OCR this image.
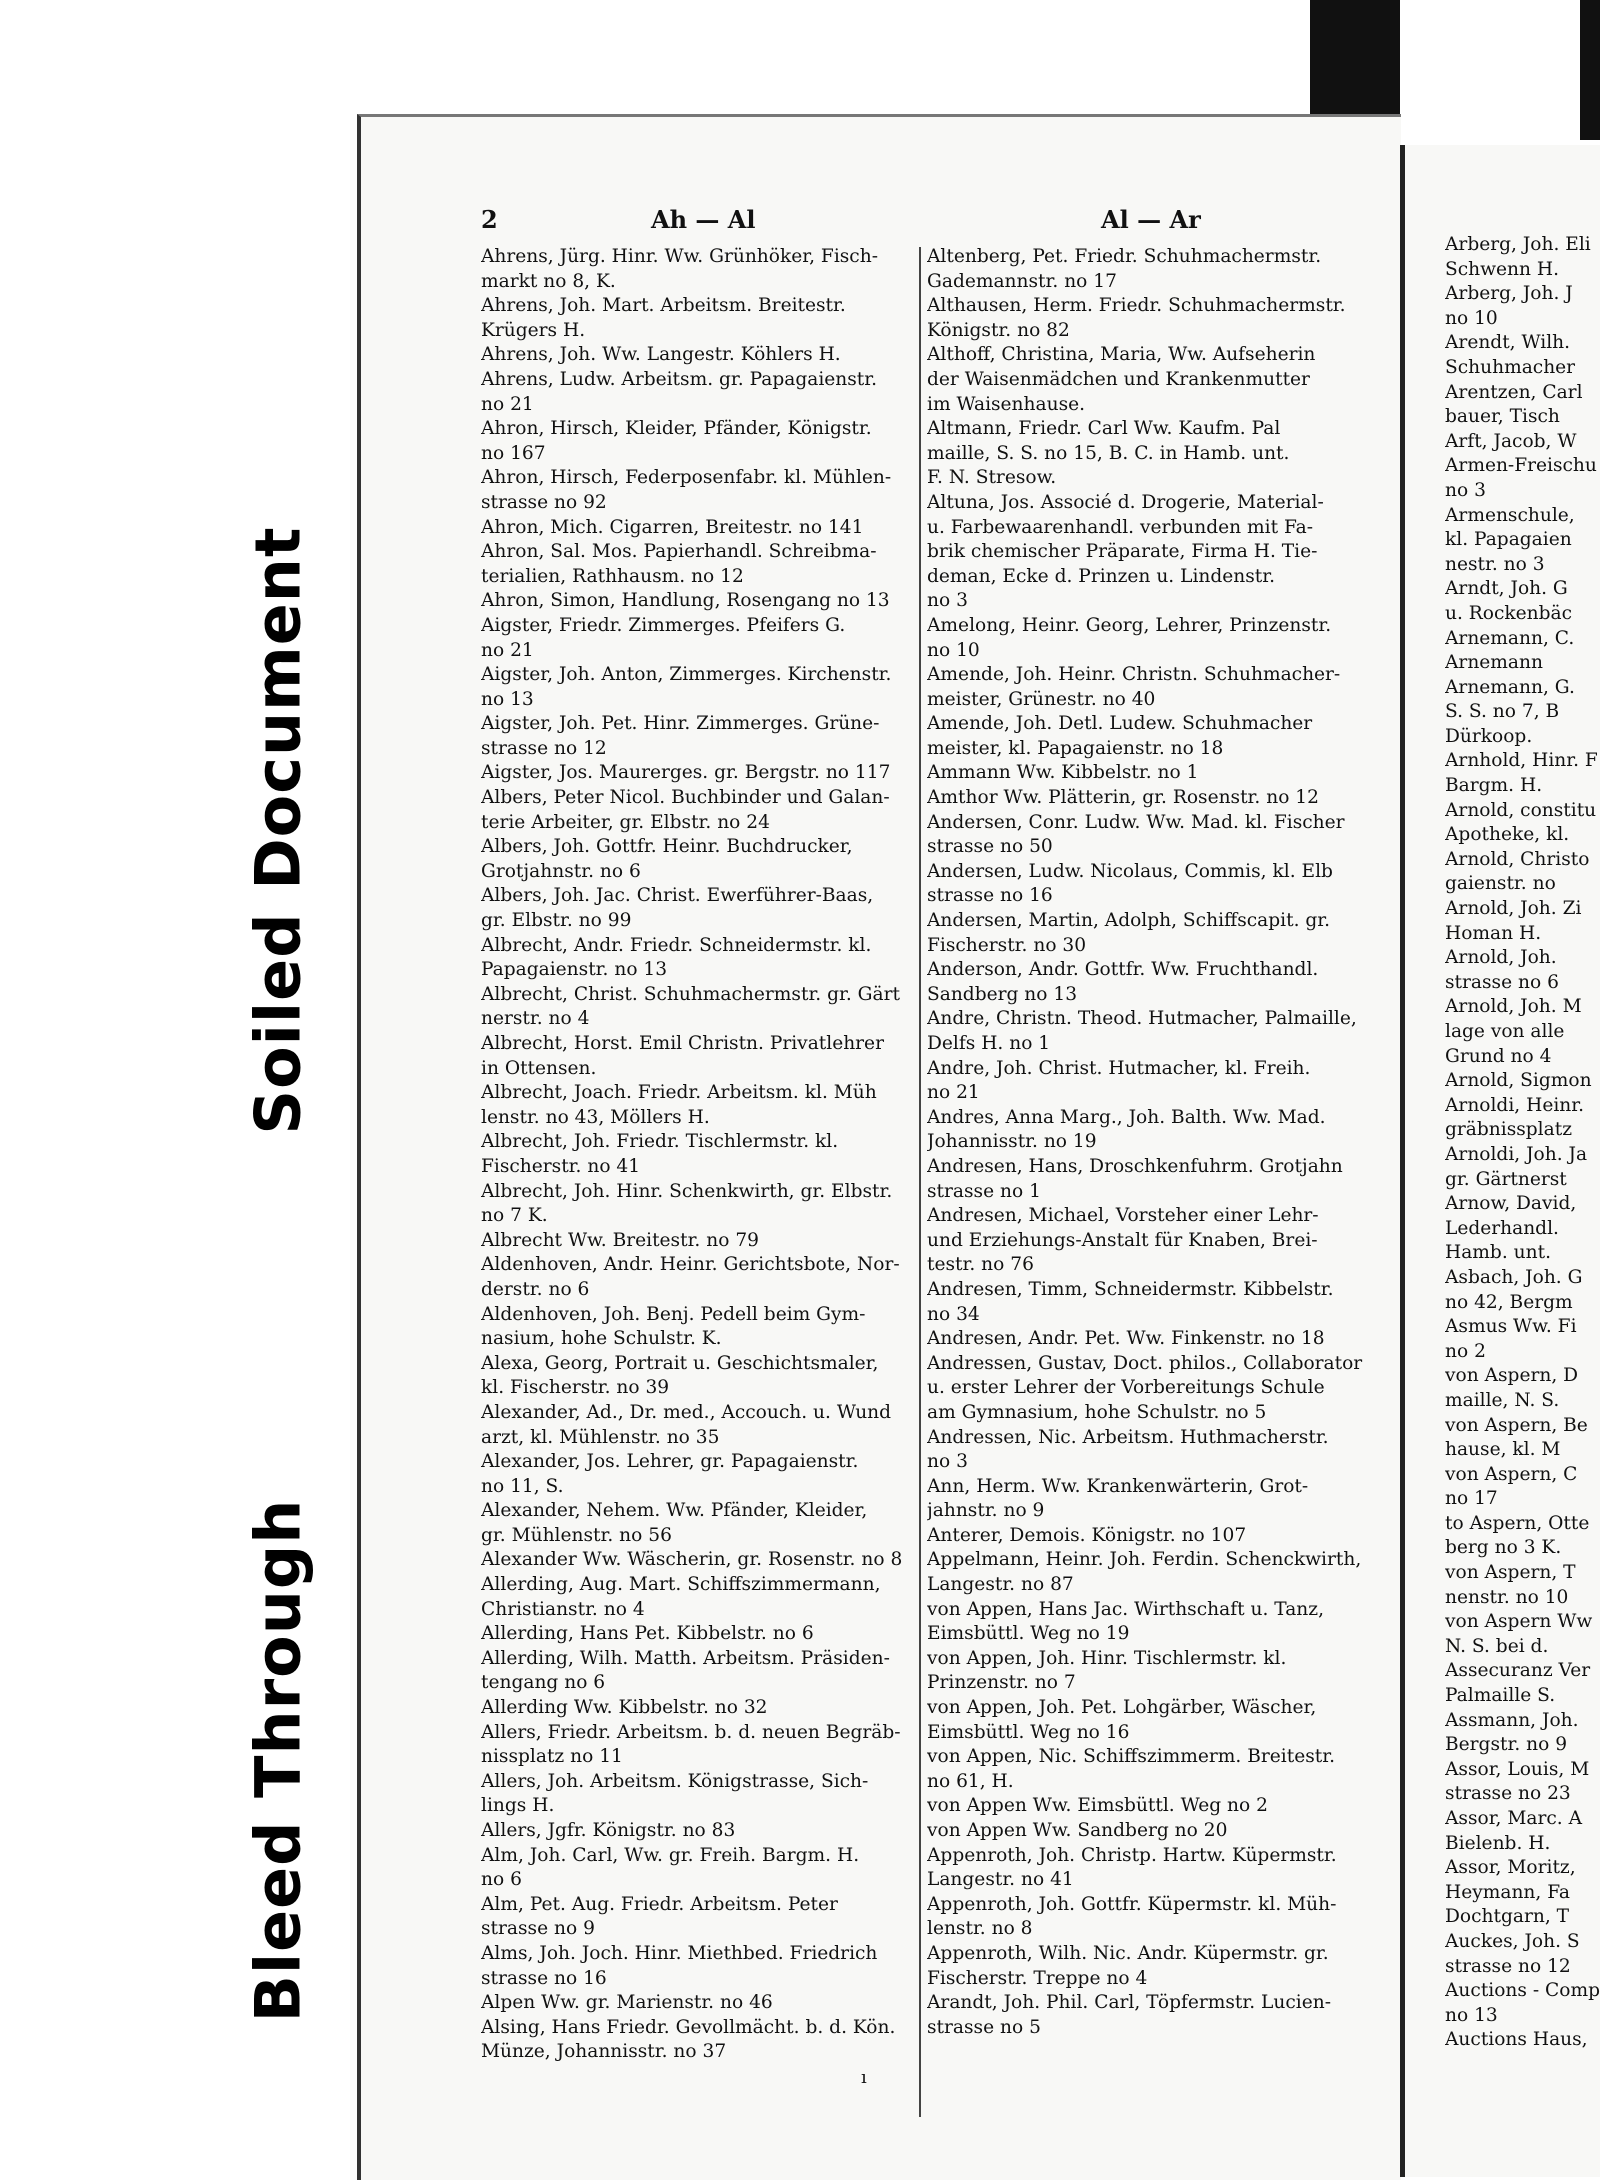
Soiled Document
Bleed Through
2	Ah — Al	Al — Ar
Ahrens, Jürg. Hinr. Ww. Grünhöker, Fisch-
markt no 8, K.
Ahrens, Joh. Mart. Arbeitsm. Breitestr.
Krügers H.
Ahrens, Joh. Ww. Langestr. Köhlers H.
Ahrens, Ludw. Arbeitsm. gr. Papagaienstr.
no 21
Ahron, Hirsch, Kleider, Pfänder, Königstr.
no 167
Ahron, Hirsch, Federposenfabr. kl. Mühlen-
strasse no 92
Ahron, Mich. Cigarren, Breitestr. no 141
Ahron, Sal. Mos. Papierhandl. Schreibma-
terialien, Rathhausm. no 12
Ahron, Simon, Handlung, Rosengang no 13
Aigster, Friedr. Zimmerges. Pfeifers G.
no 21
Aigster, Joh. Anton, Zimmerges. Kirchenstr.
no 13
Aigster, Joh. Pet. Hinr. Zimmerges. Grüne-
strasse no 12
Aigster, Jos. Maurerges. gr. Bergstr. no 117
Albers, Peter Nicol. Buchbinder und Galan-
terie Arbeiter, gr. Elbstr. no 24
Albers, Joh. Gottfr. Heinr. Buchdrucker,
Grotjahnstr. no 6
Albers, Joh. Jac. Christ. Ewerführer-Baas,
gr. Elbstr. no 99
Albrecht, Andr. Friedr. Schneidermstr. kl.
Papagaienstr. no 13
Albrecht, Christ. Schuhmachermstr. gr. Gärt
nerstr. no 4
Albrecht, Horst. Emil Christn. Privatlehrer
in Ottensen.
Albrecht, Joach. Friedr. Arbeitsm. kl. Müh
lenstr. no 43, Möllers H.
Albrecht, Joh. Friedr. Tischlermstr. kl.
Fischerstr. no 41
Albrecht, Joh. Hinr. Schenkwirth, gr. Elbstr.
no 7 K.
Albrecht Ww. Breitestr. no 79
Aldenhoven, Andr. Heinr. Gerichtsbote, Nor-
derstr. no 6
Aldenhoven, Joh. Benj. Pedell beim Gym-
nasium, hohe Schulstr. K.
Alexa, Georg, Portrait u. Geschichtsmaler,
kl. Fischerstr. no 39
Alexander, Ad., Dr. med., Accouch. u. Wund
arzt, kl. Mühlenstr. no 35
Alexander, Jos. Lehrer, gr. Papagaienstr.
no 11, S.
Alexander, Nehem. Ww. Pfänder, Kleider,
gr. Mühlenstr. no 56
Alexander Ww. Wäscherin, gr. Rosenstr. no 8
Allerding, Aug. Mart. Schiffszimmermann,
Christianstr. no 4
Allerding, Hans Pet. Kibbelstr. no 6
Allerding, Wilh. Matth. Arbeitsm. Präsiden-
tengang no 6
Allerding Ww. Kibbelstr. no 32
Allers, Friedr. Arbeitsm. b. d. neuen Begräb-
nissplatz no 11
Allers, Joh. Arbeitsm. Königstrasse, Sich-
lings H.
Allers, Jgfr. Königstr. no 83
Alm, Joh. Carl, Ww. gr. Freih. Bargm. H.
no 6
Alm, Pet. Aug. Friedr. Arbeitsm. Peter
strasse no 9
Alms, Joh. Joch. Hinr. Miethbed. Friedrich
strasse no 16
Alpen Ww. gr. Marienstr. no 46
Alsing, Hans Friedr. Gevollmächt. b. d. Kön.
Münze, Johannisstr. no 37
Altenberg, Pet. Friedr. Schuhmachermstr.
Gademannstr. no 17
Althausen, Herm. Friedr. Schuhmachermstr.
Königstr. no 82
Althoff, Christina, Maria, Ww. Aufseherin
der Waisenmädchen und Krankenmutter
im Waisenhause.
Altmann, Friedr. Carl Ww. Kaufm. Pal
maille, S. S. no 15, B. C. in Hamb. unt.
F. N. Stresow.
Altuna, Jos. Associé d. Drogerie, Material-
u. Farbewaarenhandl. verbunden mit Fa-
brik chemischer Präparate, Firma H. Tie-
deman, Ecke d. Prinzen u. Lindenstr.
no 3
Amelong, Heinr. Georg, Lehrer, Prinzenstr.
no 10
Amende, Joh. Heinr. Christn. Schuhmacher-
meister, Grünestr. no 40
Amende, Joh. Detl. Ludew. Schuhmacher
meister, kl. Papagaienstr. no 18
Ammann Ww. Kibbelstr. no 1
Amthor Ww. Plätterin, gr. Rosenstr. no 12
Andersen, Conr. Ludw. Ww. Mad. kl. Fischer
strasse no 50
Andersen, Ludw. Nicolaus, Commis, kl. Elb
strasse no 16
Andersen, Martin, Adolph, Schiffscapit. gr.
Fischerstr. no 30
Anderson, Andr. Gottfr. Ww. Fruchthandl.
Sandberg no 13
Andre, Christn. Theod. Hutmacher, Palmaille,
Delfs H. no 1
Andre, Joh. Christ. Hutmacher, kl. Freih.
no 21
Andres, Anna Marg., Joh. Balth. Ww. Mad.
Johannisstr. no 19
Andresen, Hans, Droschkenfuhrm. Grotjahn
strasse no 1
Andresen, Michael, Vorsteher einer Lehr-
und Erziehungs-Anstalt für Knaben, Brei-
testr. no 76
Andresen, Timm, Schneidermstr. Kibbelstr.
no 34
Andresen, Andr. Pet. Ww. Finkenstr. no 18
Andressen, Gustav, Doct. philos., Collaborator
u. erster Lehrer der Vorbereitungs Schule
am Gymnasium, hohe Schulstr. no 5
Andressen, Nic. Arbeitsm. Huthmacherstr.
no 3
Ann, Herm. Ww. Krankenwärterin, Grot-
jahnstr. no 9
Anterer, Demois. Königstr. no 107
Appelmann, Heinr. Joh. Ferdin. Schenckwirth,
Langestr. no 87
von Appen, Hans Jac. Wirthschaft u. Tanz,
Eimsbüttl. Weg no 19
von Appen, Joh. Hinr. Tischlermstr. kl.
Prinzenstr. no 7
von Appen, Joh. Pet. Lohgärber, Wäscher,
Eimsbüttl. Weg no 16
von Appen, Nic. Schiffszimmerm. Breitestr.
no 61, H.
von Appen Ww. Eimsbüttl. Weg no 2
von Appen Ww. Sandberg no 20
Appenroth, Joh. Christp. Hartw. Küpermstr.
Langestr. no 41
Appenroth, Joh. Gottfr. Küpermstr. kl. Müh-
lenstr. no 8
Appenroth, Wilh. Nic. Andr. Küpermstr. gr.
Fischerstr. Treppe no 4
Arandt, Joh. Phil. Carl, Töpfermstr. Lucien-
strasse no 5
ı
Arberg, Joh. Eli
Schwenn H.
Arberg, Joh. J
no 10
Arendt, Wilh.
Schuhmacher
Arentzen, Carl
bauer, Tisch
Arft, Jacob, W
Armen-Freischu
no 3
Armenschule,
kl. Papagaien
nestr. no 3
Arndt, Joh. G
u. Rockenbäc
Arnemann, C.
Arnemann
Arnemann, G.
S. S. no 7, B
Dürkoop.
Arnhold, Hinr. F
Bargm. H.
Arnold, constitu
Apotheke, kl.
Arnold, Christo
gaienstr. no
Arnold, Joh. Zi
Homan H.
Arnold, Joh.
strasse no 6
Arnold, Joh. M
lage von alle
Grund no 4
Arnold, Sigmon
Arnoldi, Heinr.
gräbnissplatz
Arnoldi, Joh. Ja
gr. Gärtnerst
Arnow, David,
Lederhandl.
Hamb. unt.
Asbach, Joh. G
no 42, Bergm
Asmus Ww. Fi
no 2
von Aspern, D
maille, N. S.
von Aspern, Be
hause, kl. M
von Aspern, C
no 17
to Aspern, Otte
berg no 3 K.
von Aspern, T
nenstr. no 10
von Aspern Ww
N. S. bei d.
Assecuranz Ver
Palmaille S.
Assmann, Joh.
Bergstr. no 9
Assor, Louis, M
strasse no 23
Assor, Marc. A
Bielenb. H.
Assor, Moritz,
Heymann, Fa
Dochtgarn, T
Auckes, Joh. S
strasse no 12
Auctions - Comp
no 13
Auctions Haus,
